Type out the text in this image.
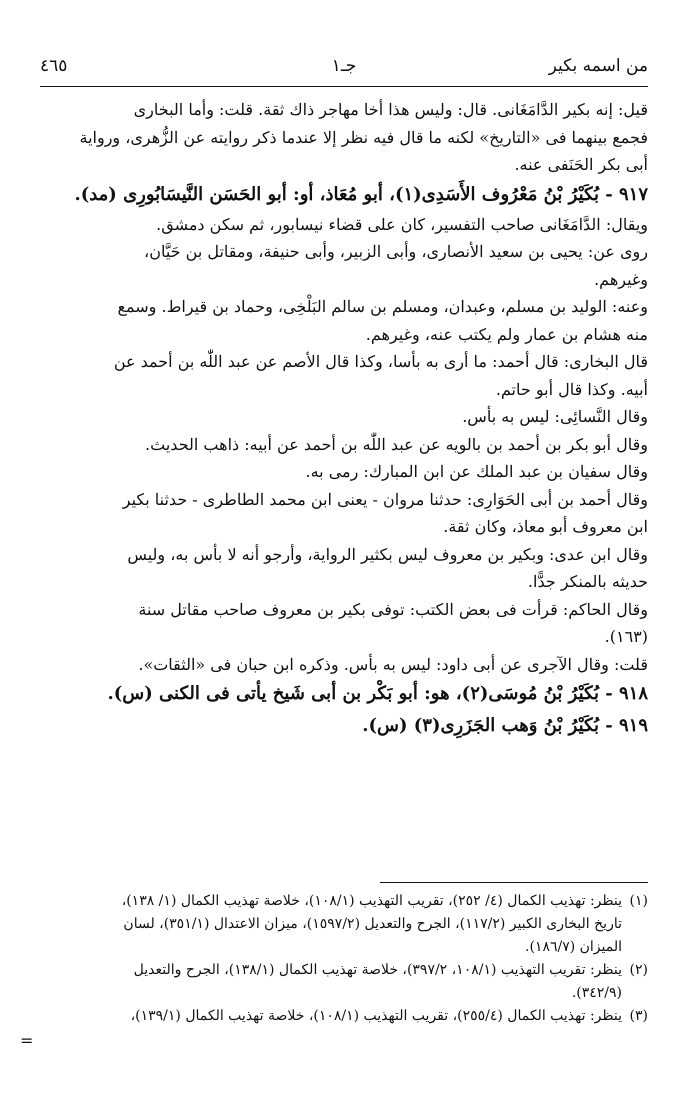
من اسمه بكير
جـ١
٤٦٥

قيل: إنه بكير الدَّامَغَانى. قال: وليس هذا أخا مهاجر ذاك ثقة. قلت: وأما البخارى

فجمع بينهما فى «التاريخ» لكنه ما قال فيه نظر إلا عندما ذكر روايته عن الزُّهرى، ورواية

أبى بكر الحَنَفى عنه.

٩١٧ - بُكَيْرُ بْنُ مَعْرُوف الأَسَدِى(١)، أبو مُعَاذ، أو: أبو الحَسَن النَّيسَابُورِى (مد).

ويقال: الدَّامَغَانى صاحب التفسير، كان على قضاء نيسابور، ثم سكن دمشق.

روى عن: يحيى بن سعيد الأنصارى، وأبى الزبير، وأبى حنيفة، ومقاتل بن حَيَّان،

وغيرهم.

وعنه: الوليد بن مسلم، وعبدان، ومسلم بن سالم البَلْخِى، وحماد بن قيراط. وسمع

منه هشام بن عمار ولم يكتب عنه، وغيرهم.

قال البخارى: قال أحمد: ما أرى به بأسا، وكذا قال الأصم عن عبد اللّٰه بن أحمد عن

أبيه. وكذا قال أبو حاتم.

وقال النَّسائِى: ليس به بأس.

وقال أبو بكر بن أحمد بن بالويه عن عبد اللّٰه بن أحمد عن أبيه: ذاهب الحديث.

وقال سفيان بن عبد الملك عن ابن المبارك: رمى به.

وقال أحمد بن أبى الحَوَارِى: حدثنا مروان - يعنى ابن محمد الطاطرى - حدثنا بكير

ابن معروف أبو معاذ، وكان ثقة.

وقال ابن عدى: وبكير بن معروف ليس بكثير الرواية، وأرجو أنه لا بأس به، وليس

حديثه بالمنكر جدًّا.

وقال الحاكم: قرأت فى بعض الكتب: توفى بكير بن معروف صاحب مقاتل سنة

(١٦٣).

قلت: وقال الآجرى عن أبى داود: ليس به بأس. وذكره ابن حبان فى «الثقات».

٩١٨ - بُكَيْرُ بْنُ مُوسَى(٢)، هو: أبو بَكْر بن أبى شَيخ يأتى فى الكنى (س).

٩١٩ - بُكَيْرُ بْنُ وَهب الجَزَرِى(٣) (س).

(١)ينظر: تهذيب الكمال (٤/ ٢٥٢)، تقريب التهذيب (١٠٨/١)، خلاصة تهذيب الكمال (١/ ١٣٨)،

تاريخ البخارى الكبير (١١٧/٢)، الجرح والتعديل (١٥٩٧/٢)، ميزان الاعتدال (٣٥١/١)، لسان

الميزان (١٨٦/٧).

(٢)ينظر: تقريب التهذيب (١٠٨/١، ٣٩٧/٢)، خلاصة تهذيب الكمال (١٣٨/١)، الجرح والتعديل

(٣٤٢/٩).

(٣)ينظر: تهذيب الكمال (٢٥٥/٤)، تقريب التهذيب (١٠٨/١)، خلاصة تهذيب الكمال (١٣٩/١)،

=
